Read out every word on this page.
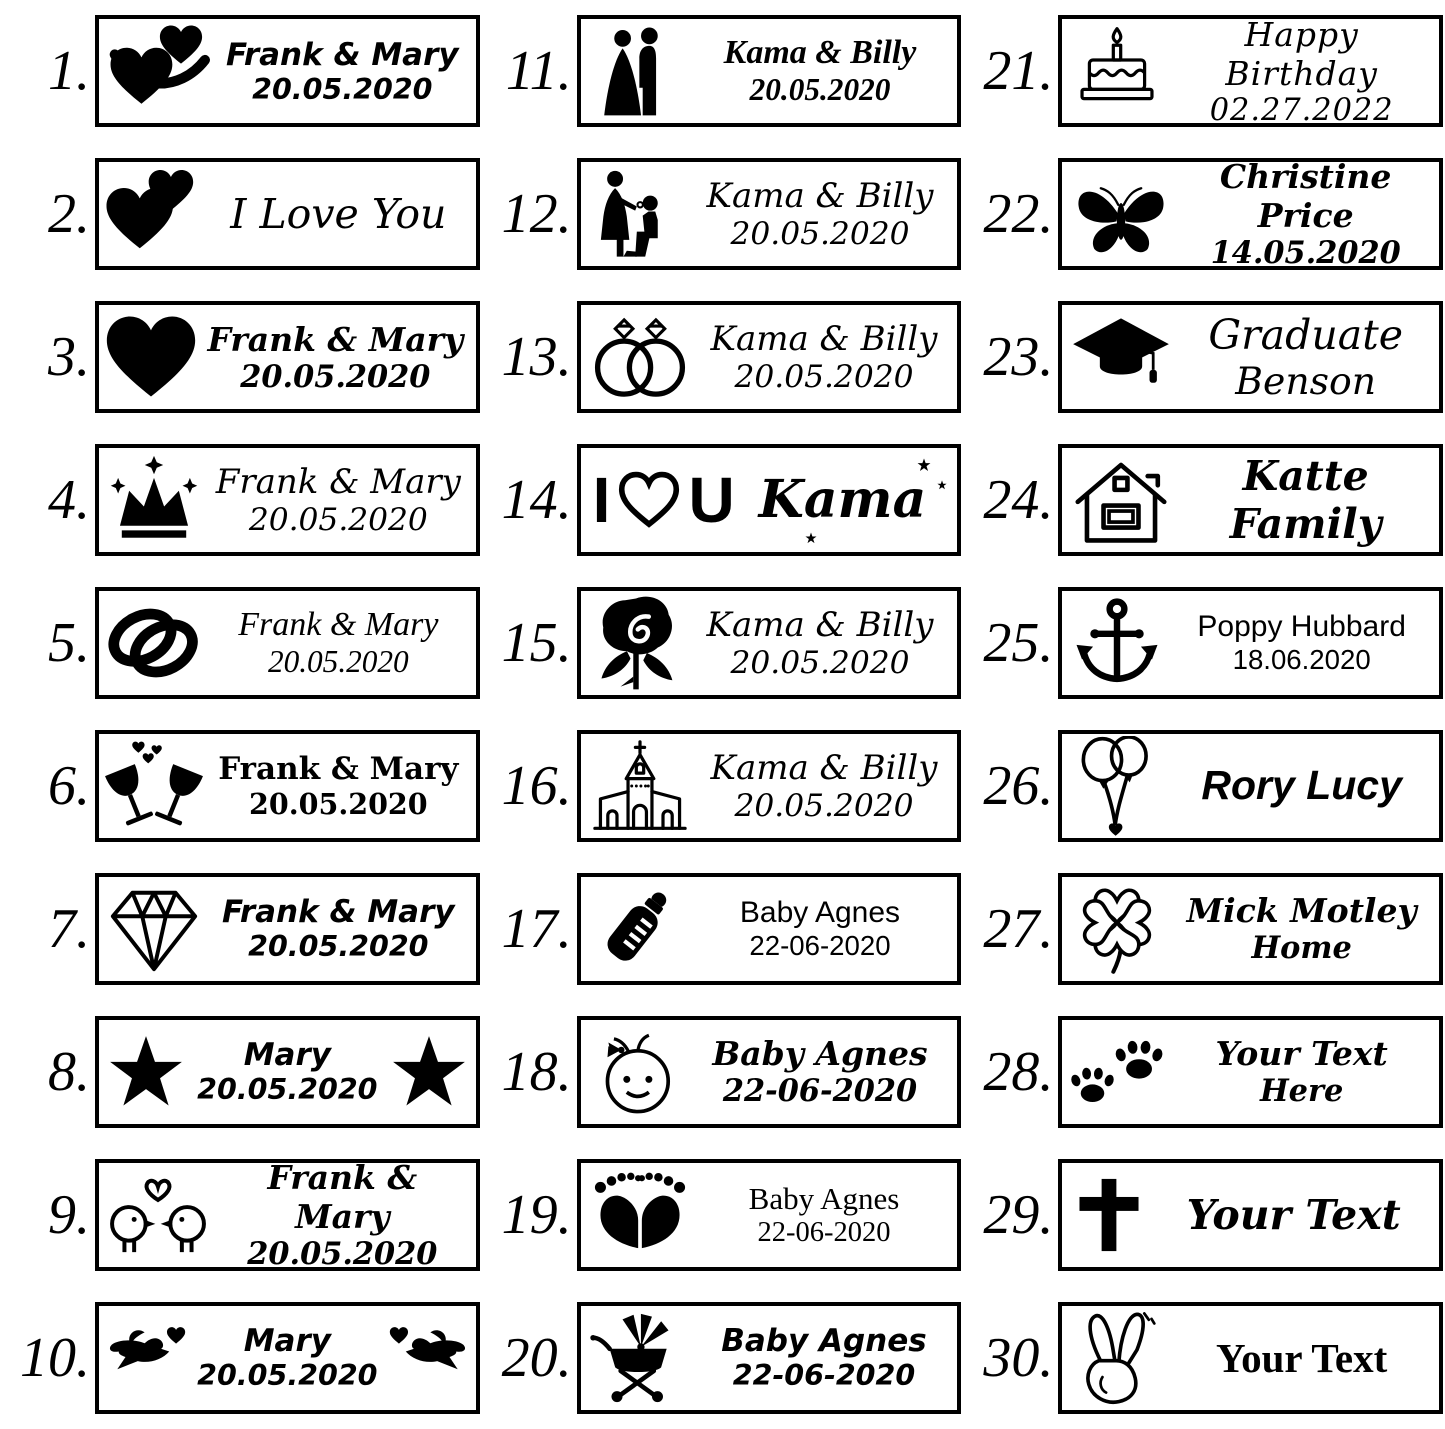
1.	Frank & Mary
20.05.2020
2.	I Love You
3.	Frank & Mary
20.05.2020
4.	Frank & Mary
20.05.2020
5.	Frank & Mary
20.05.2020
6.	Frank & Mary
20.05.2020
7.	Frank & Mary
20.05.2020
8.	Mary
20.05.2020
9.
Frank & Mary
20.05.2020
10.	Mary
20.05.2020
11.	Kama & Billy
20.05.2020
12.	Kama & Billy
20.05.2020
13.	Kama & Billy
20.05.2020
14. I U Kama
15.	Kama & Billy
20.05.2020
16.	Kama & Billy
20.05.2020
17.	Baby Agnes
22-06-2020
18.	Baby Agnes
22-06-2020
19.	Baby Agnes
22-06-2020
20.	Baby Agnes
22-06-2020
21.
Happy Birthday
02.27.2022
22.
Christine Price
14.05.2020
23.	Graduate
Benson
24.	Katte Family
25.	Poppy Hubbard
18.06.2020
26.	Rory Lucy
27.	Mick Motley
Home
28.	Your Text
Here
29.	Your Text
30.	Your Text
